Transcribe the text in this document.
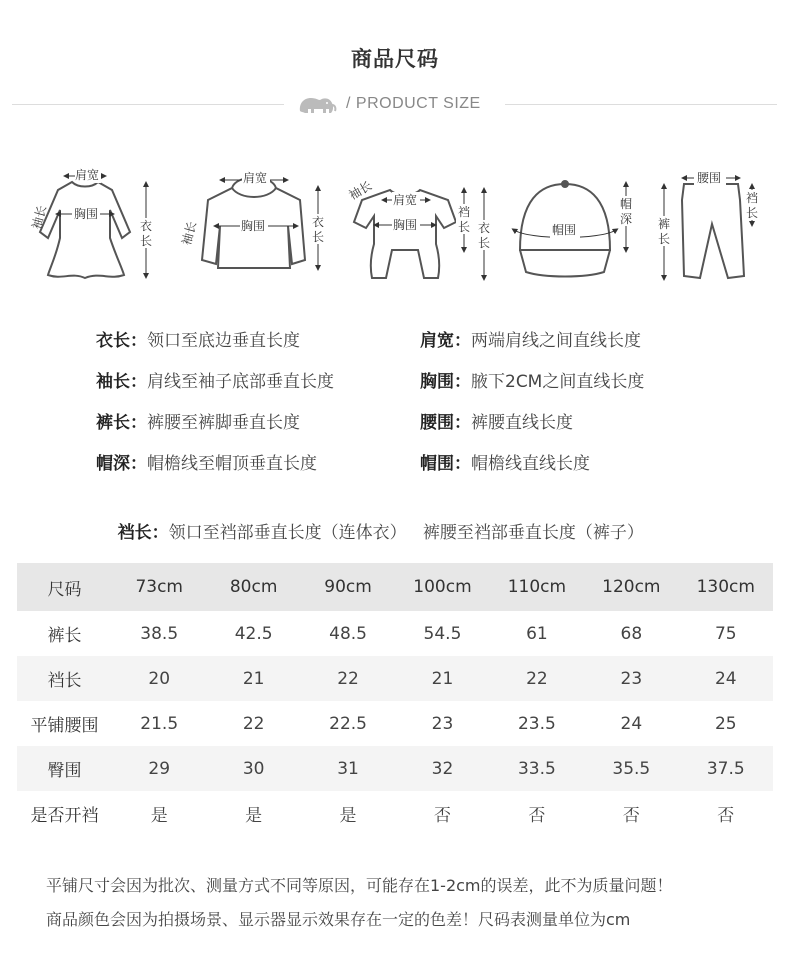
商品尺码
/ PRODUCT SIZE
肩宽
胸围
袖长	衣
长
肩宽
胸围
袖长	衣
长
肩宽
胸围
袖长
裆
长 衣
长
帽围
帽
深
腰围
裤
长
裆
长
衣长：领口至底边垂直长度	肩宽：两端肩线之间直线长度
袖长：肩线至袖子底部垂直长度	胸围：腋下2CM之间直线长度
裤长：裤腰至裤脚垂直长度	腰围：裤腰直线长度
帽深：帽檐线至帽顶垂直长度	帽围：帽檐线直线长度

裆长：领口至裆部垂直长度（连体衣）   裤腰至裆部垂直长度（裤子）

尺码	73cm	80cm	90cm	100cm	110cm	120cm	130cm
裤长	38.5	42.5	48.5	54.5	61	68	75
裆长	20	21	22	21	22	23	24
平铺腰围	21.5	22	22.5	23	23.5	24	25
臀围	29	30	31	32	33.5	35.5	37.5
是否开裆	是	是	是	否	否	否	否
平铺尺寸会因为批次、测量方式不同等原因，可能存在1-2cm的误差，此不为质量问题！
商品颜色会因为拍摄场景、显示器显示效果存在一定的色差！尺码表测量单位为cm
